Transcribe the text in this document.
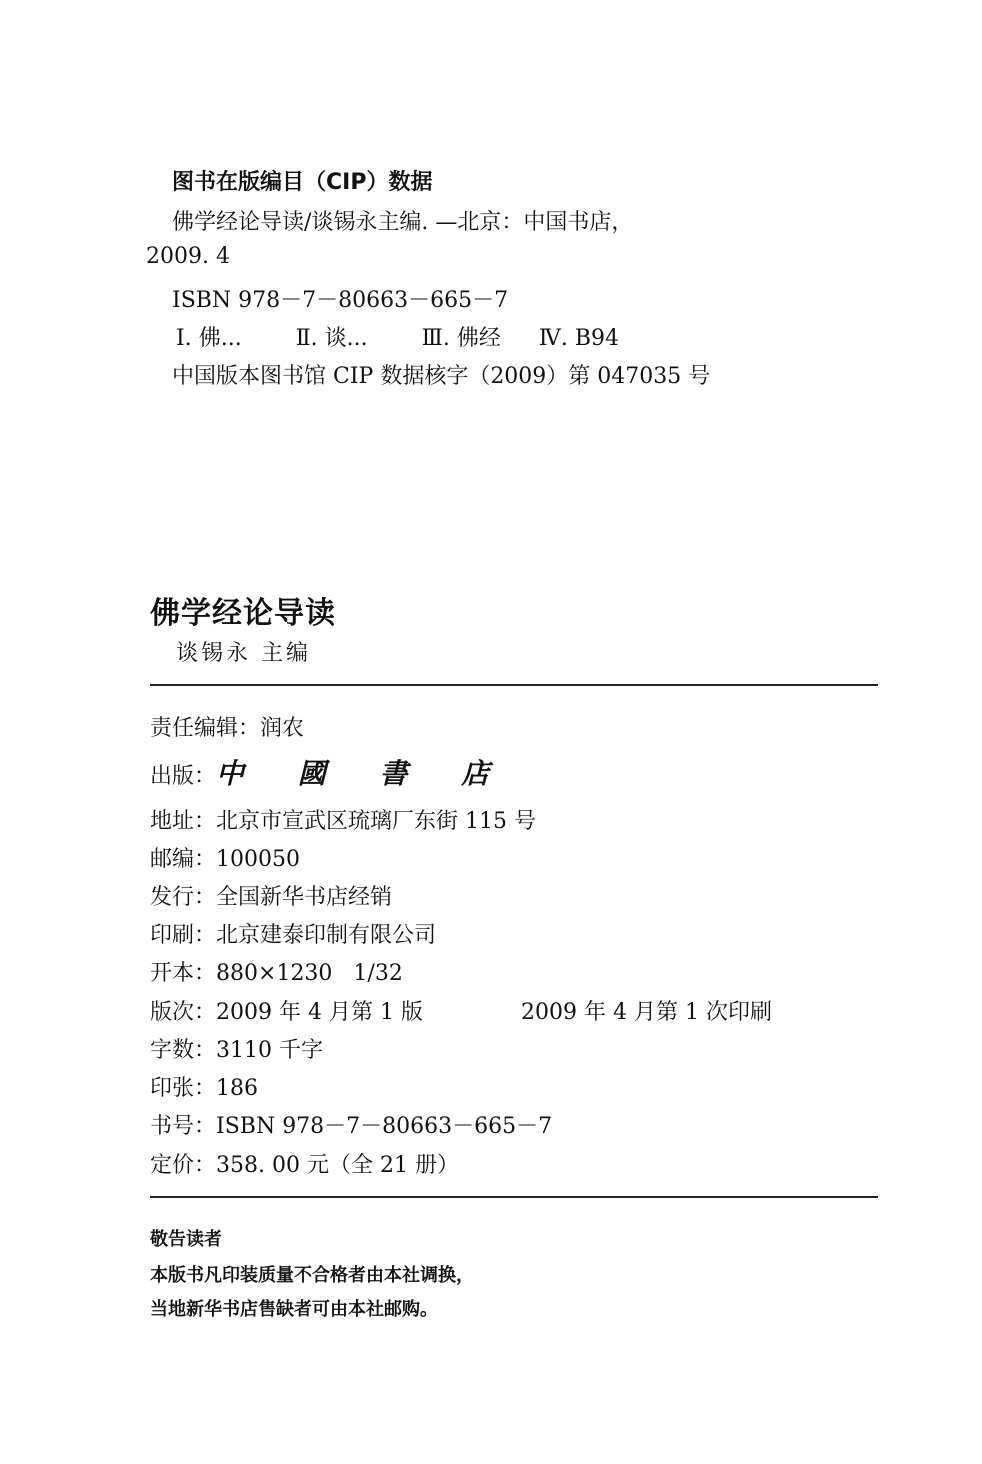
图书在版编目（CIP）数据
佛学经论导读/谈锡永主编. —北京：中国书店，
2009. 4
ISBN 978－7－80663－665－7
Ⅰ. 佛... Ⅱ. 谈... Ⅲ. 佛经 Ⅳ. B94
中国版本图书馆 CIP 数据核字（2009）第 047035 号
佛学经论导读
谈锡永 主编
责任编辑：润农
出版：中 國 書 店
地址：北京市宣武区琉璃厂东街 115 号
邮编：100050
发行：全国新华书店经销
印刷：北京建泰印制有限公司
开本：880×1230   1/32
版次：2009 年 4 月第 1 版	2009 年 4 月第 1 次印刷
字数：3110 千字
印张：186
书号：ISBN 978－7－80663－665－7
定价：358. 00 元（全 21 册）
敬告读者
本版书凡印装质量不合格者由本社调换，
当地新华书店售缺者可由本社邮购。
